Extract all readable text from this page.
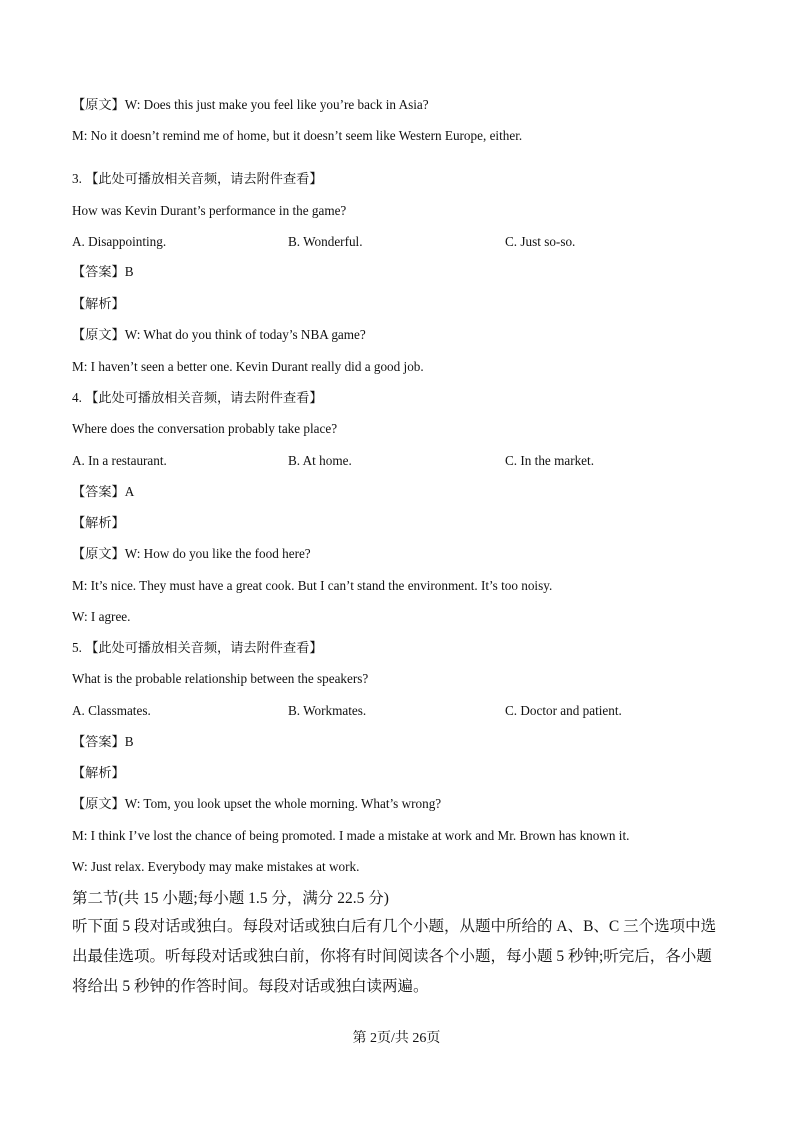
【原文】W: Does this just make you feel like you’re back in Asia?
M: No it doesn’t remind me of home, but it doesn’t seem like Western Europe, either.
3. 【此处可播放相关音频，请去附件查看】
How was Kevin Durant’s performance in the game?
A. Disappointing.	B. Wonderful.	C. Just so-so.
【答案】B
【解析】
【原文】W: What do you think of today’s NBA game?
M: I haven’t seen a better one. Kevin Durant really did a good job.
4. 【此处可播放相关音频，请去附件查看】
Where does the conversation probably take place?
A. In a restaurant.	B. At home.	C. In the market.
【答案】A
【解析】
【原文】W: How do you like the food here?
M: It’s nice. They must have a great cook. But I can’t stand the environment. It’s too noisy.
W: I agree.
5. 【此处可播放相关音频，请去附件查看】
What is the probable relationship between the speakers?
A. Classmates.	B. Workmates.	C. Doctor and patient.
【答案】B
【解析】
【原文】W: Tom, you look upset the whole morning. What’s wrong?
M: I think I’ve lost the chance of being promoted. I made a mistake at work and Mr. Brown has known it.
W: Just relax. Everybody may make mistakes at work.
第二节(共 15 小题;每小题 1.5 分，满分 22.5 分)
听下面 5 段对话或独白。每段对话或独白后有几个小题，从题中所给的 A、B、C 三个选项中选出最佳选项。听每段对话或独白前，你将有时间阅读各个小题，每小题 5 秒钟;听完后，各小题将给出 5 秒钟的作答时间。每段对话或独白读两遍。
第 2页/共 26页
